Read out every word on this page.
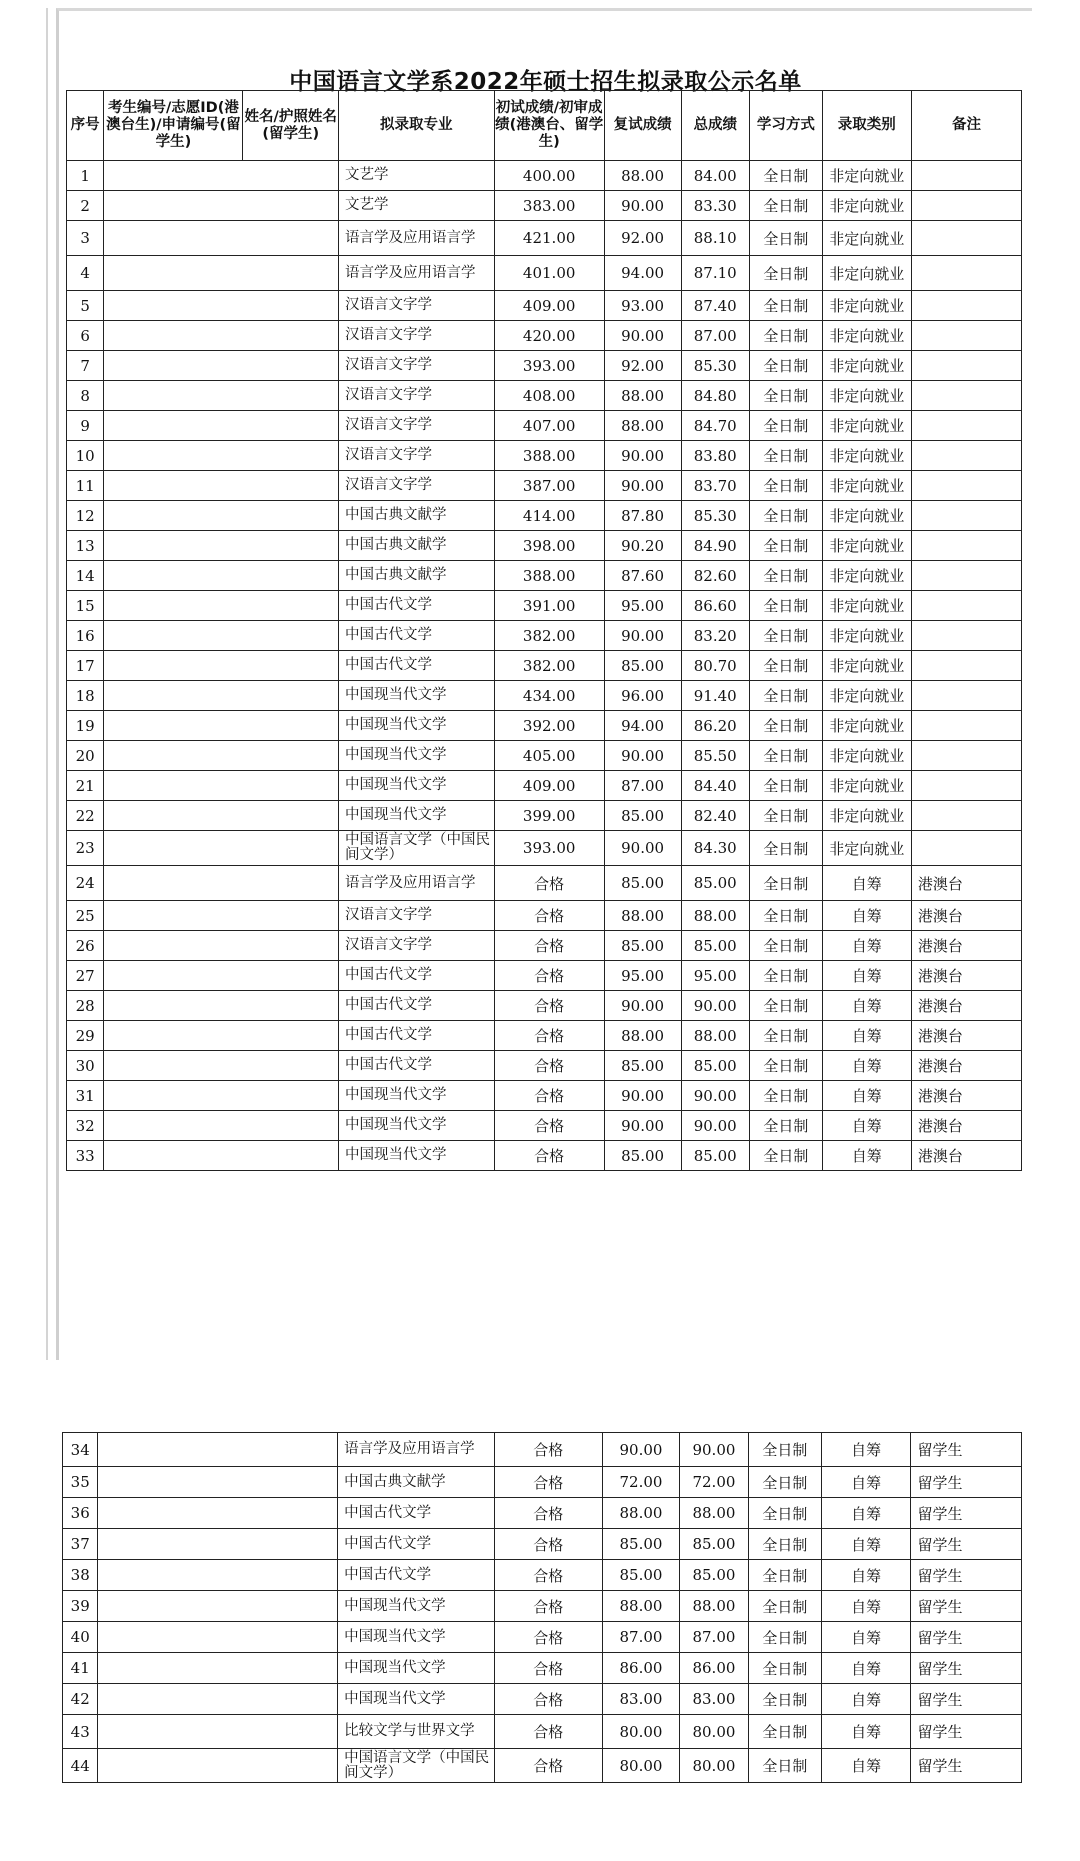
中国语言文学系2022年硕士招生拟录取公示名单
序号	考生编号/志愿ID(港澳台生)/申请编号(留学生)	姓名/护照姓名(留学生)	拟录取专业	初试成绩/初审成绩(港澳台、留学生)	复试成绩	总成绩	学习方式	录取类别	备注
1			文艺学	400.00	88.00	84.00	全日制	非定向就业	
2			文艺学	383.00	90.00	83.30	全日制	非定向就业	
3			语言学及应用语言学	421.00	92.00	88.10	全日制	非定向就业	
4			语言学及应用语言学	401.00	94.00	87.10	全日制	非定向就业	
5			汉语言文字学	409.00	93.00	87.40	全日制	非定向就业	
6			汉语言文字学	420.00	90.00	87.00	全日制	非定向就业	
7			汉语言文字学	393.00	92.00	85.30	全日制	非定向就业	
8			汉语言文字学	408.00	88.00	84.80	全日制	非定向就业	
9			汉语言文字学	407.00	88.00	84.70	全日制	非定向就业	
10			汉语言文字学	388.00	90.00	83.80	全日制	非定向就业	
11			汉语言文字学	387.00	90.00	83.70	全日制	非定向就业	
12			中国古典文献学	414.00	87.80	85.30	全日制	非定向就业	
13			中国古典文献学	398.00	90.20	84.90	全日制	非定向就业	
14			中国古典文献学	388.00	87.60	82.60	全日制	非定向就业	
15			中国古代文学	391.00	95.00	86.60	全日制	非定向就业	
16			中国古代文学	382.00	90.00	83.20	全日制	非定向就业	
17			中国古代文学	382.00	85.00	80.70	全日制	非定向就业	
18			中国现当代文学	434.00	96.00	91.40	全日制	非定向就业	
19			中国现当代文学	392.00	94.00	86.20	全日制	非定向就业	
20			中国现当代文学	405.00	90.00	85.50	全日制	非定向就业	
21			中国现当代文学	409.00	87.00	84.40	全日制	非定向就业	
22			中国现当代文学	399.00	85.00	82.40	全日制	非定向就业	
23			中国语言文学（中国民间文学）	393.00	90.00	84.30	全日制	非定向就业	
24			语言学及应用语言学	合格	85.00	85.00	全日制	自筹	港澳台
25			汉语言文字学	合格	88.00	88.00	全日制	自筹	港澳台
26			汉语言文字学	合格	85.00	85.00	全日制	自筹	港澳台
27			中国古代文学	合格	95.00	95.00	全日制	自筹	港澳台
28			中国古代文学	合格	90.00	90.00	全日制	自筹	港澳台
29			中国古代文学	合格	88.00	88.00	全日制	自筹	港澳台
30			中国古代文学	合格	85.00	85.00	全日制	自筹	港澳台
31			中国现当代文学	合格	90.00	90.00	全日制	自筹	港澳台
32			中国现当代文学	合格	90.00	90.00	全日制	自筹	港澳台
33			中国现当代文学	合格	85.00	85.00	全日制	自筹	港澳台
34			语言学及应用语言学	合格	90.00	90.00	全日制	自筹	留学生
35			中国古典文献学	合格	72.00	72.00	全日制	自筹	留学生
36			中国古代文学	合格	88.00	88.00	全日制	自筹	留学生
37			中国古代文学	合格	85.00	85.00	全日制	自筹	留学生
38			中国古代文学	合格	85.00	85.00	全日制	自筹	留学生
39			中国现当代文学	合格	88.00	88.00	全日制	自筹	留学生
40			中国现当代文学	合格	87.00	87.00	全日制	自筹	留学生
41			中国现当代文学	合格	86.00	86.00	全日制	自筹	留学生
42			中国现当代文学	合格	83.00	83.00	全日制	自筹	留学生
43			比较文学与世界文学	合格	80.00	80.00	全日制	自筹	留学生
44			中国语言文学（中国民间文学）	合格	80.00	80.00	全日制	自筹	留学生
